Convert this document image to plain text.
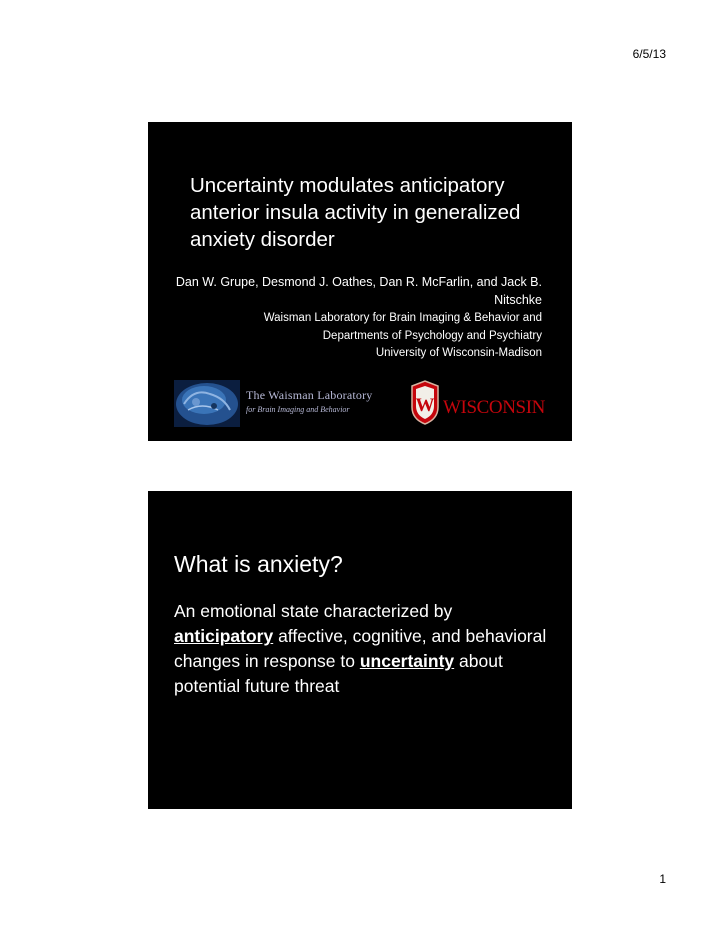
6/5/13
Uncertainty modulates anticipatory anterior insula activity in generalized anxiety disorder
Dan W. Grupe, Desmond J. Oathes, Dan R. McFarlin, and Jack B. Nitschke
Waisman Laboratory for Brain Imaging & Behavior and
Departments of Psychology and Psychiatry
University of Wisconsin-Madison
The Waisman Laboratory
for Brain Imaging and Behavior	W WISCONSIN
What is anxiety?
An emotional state characterized by anticipatory affective, cognitive, and behavioral changes in response to uncertainty about potential future threat
1
